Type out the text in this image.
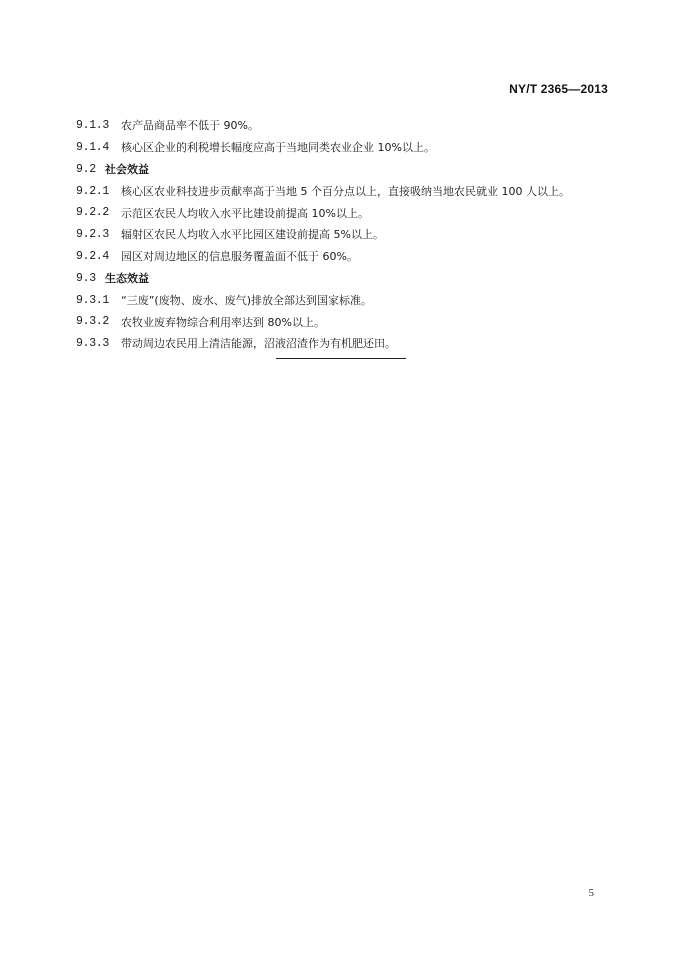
NY/T 2365—2013
9.1.3	农产品商品率不低于 90%。
9.1.4	核心区企业的利税增长幅度应高于当地同类农业企业 10%以上。
9.2 社会效益
9.2.1	核心区农业科技进步贡献率高于当地 5 个百分点以上，直接吸纳当地农民就业 100 人以上。
9.2.2	示范区农民人均收入水平比建设前提高 10%以上。
9.2.3	辐射区农民人均收入水平比园区建设前提高 5%以上。
9.2.4	园区对周边地区的信息服务覆盖面不低于 60%。
9.3 生态效益
9.3.1	“三废”(废物、废水、废气)排放全部达到国家标准。
9.3.2	农牧业废弃物综合利用率达到 80%以上。
9.3.3	带动周边农民用上清洁能源，沼液沼渣作为有机肥还田。
5
